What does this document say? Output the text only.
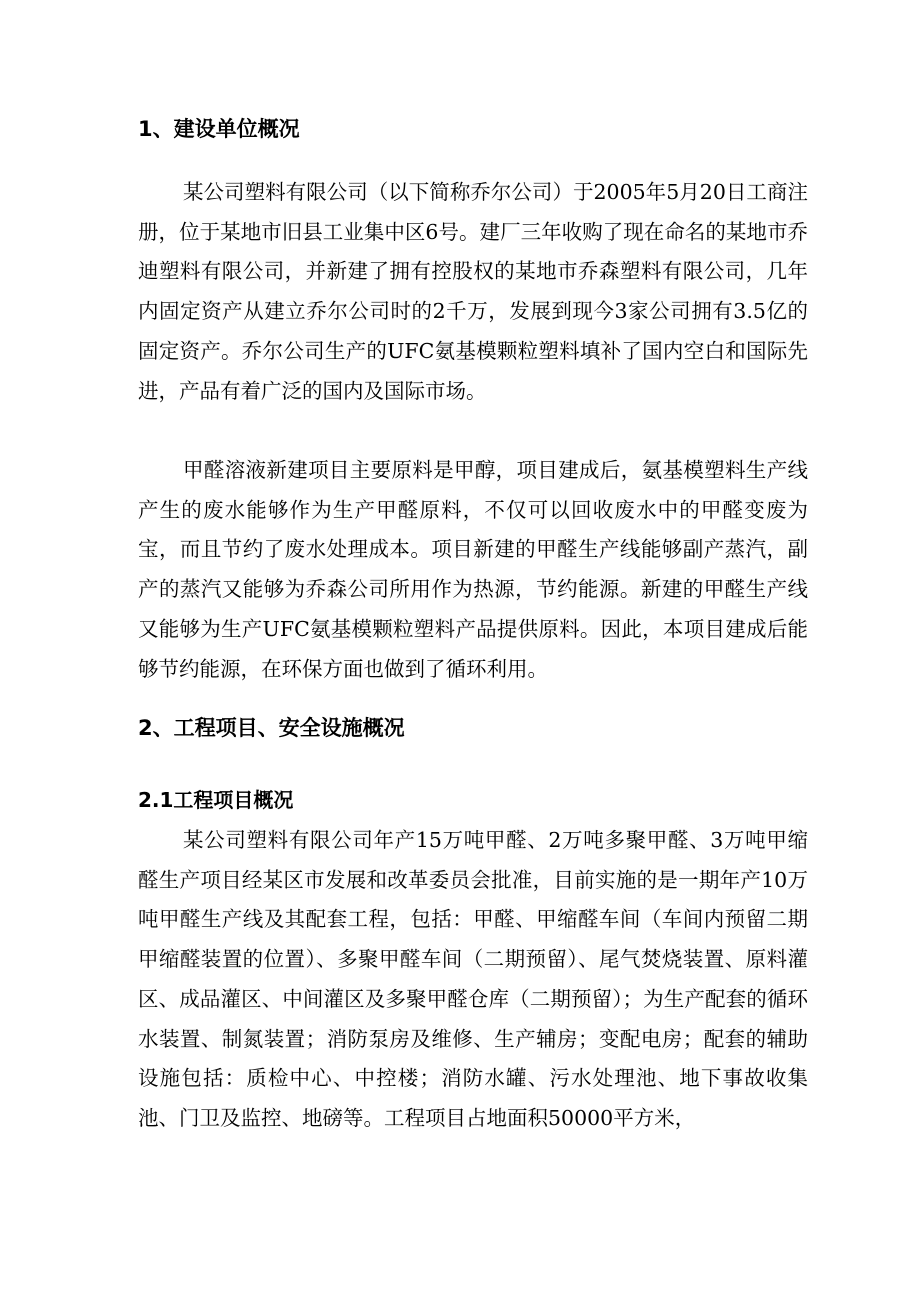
1、建设单位概况

某公司塑料有限公司（以下简称乔尔公司）于2005年5月20日工商注册，位于某地市旧县工业集中区6号。建厂三年收购了现在命名的某地市乔迪塑料有限公司，并新建了拥有控股权的某地市乔森塑料有限公司，几年内固定资产从建立乔尔公司时的2千万，发展到现今3家公司拥有3.5亿的固定资产。乔尔公司生产的UFC氨基模颗粒塑料填补了国内空白和国际先进，产品有着广泛的国内及国际市场。

甲醛溶液新建项目主要原料是甲醇，项目建成后，氨基模塑料生产线产生的废水能够作为生产甲醛原料，不仅可以回收废水中的甲醛变废为宝，而且节约了废水处理成本。项目新建的甲醛生产线能够副产蒸汽，副产的蒸汽又能够为乔森公司所用作为热源，节约能源。新建的甲醛生产线又能够为生产UFC氨基模颗粒塑料产品提供原料。因此，本项目建成后能够节约能源，在环保方面也做到了循环利用。

2、工程项目、安全设施概况
2.1工程项目概况

某公司塑料有限公司年产15万吨甲醛、2万吨多聚甲醛、3万吨甲缩醛生产项目经某区市发展和改革委员会批准，目前实施的是一期年产10万吨甲醛生产线及其配套工程，包括：甲醛、甲缩醛车间（车间内预留二期甲缩醛装置的位置）、多聚甲醛车间（二期预留）、尾气焚烧装置、原料灌区、成品灌区、中间灌区及多聚甲醛仓库（二期预留）；为生产配套的循环水装置、制氮装置；消防泵房及维修、生产辅房；变配电房；配套的辅助设施包括：质检中心、中控楼；消防水罐、污水处理池、地下事故收集池、门卫及监控、地磅等。工程项目占地面积50000平方米，
